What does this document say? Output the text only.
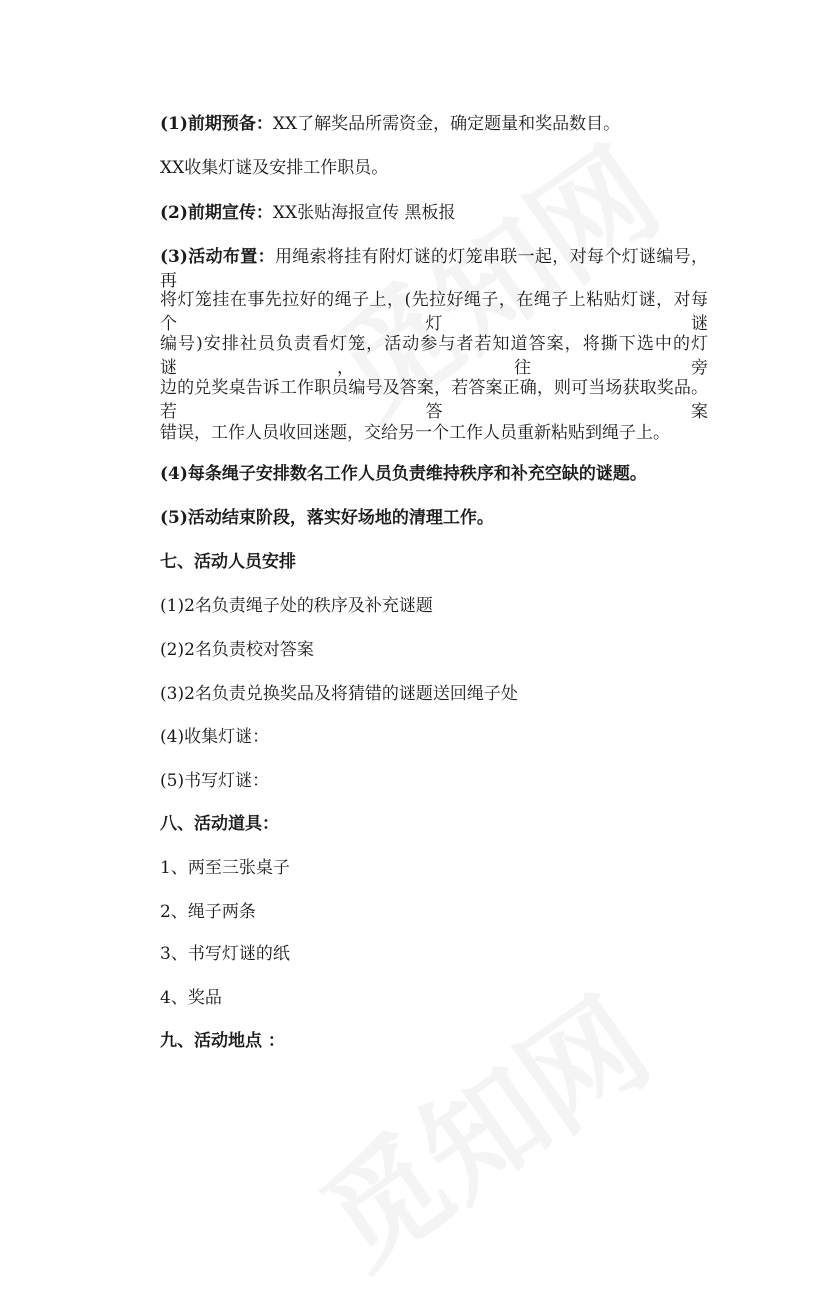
(1)前期预备：XX了解奖品所需资金，确定题量和奖品数目。
XX收集灯谜及安排工作职员。
(2)前期宣传：XX张贴海报宣传 黑板报
(3)活动布置：用绳索将挂有附灯谜的灯笼串联一起，对每个灯谜编号，再
将灯笼挂在事先拉好的绳子上，(先拉好绳子，在绳子上粘贴灯谜，对每个灯谜
编号)安排社员负责看灯笼，活动参与者若知道答案，将撕下选中的灯谜，往旁
边的兑奖桌告诉工作职员编号及答案，若答案正确，则可当场获取奖品。若答案
错误，工作人员收回迷题，交给另一个工作人员重新粘贴到绳子上。
(4)每条绳子安排数名工作人员负责维持秩序和补充空缺的谜题。
(5)活动结束阶段，落实好场地的清理工作。
七、活动人员安排
(1)2名负责绳子处的秩序及补充谜题
(2)2名负责校对答案
(3)2名负责兑换奖品及将猜错的谜题送回绳子处
(4)收集灯谜：
(5)书写灯谜：
八、活动道具：
1、两至三张桌子
2、绳子两条
3、书写灯谜的纸
4、奖品
九、活动地点 ：
